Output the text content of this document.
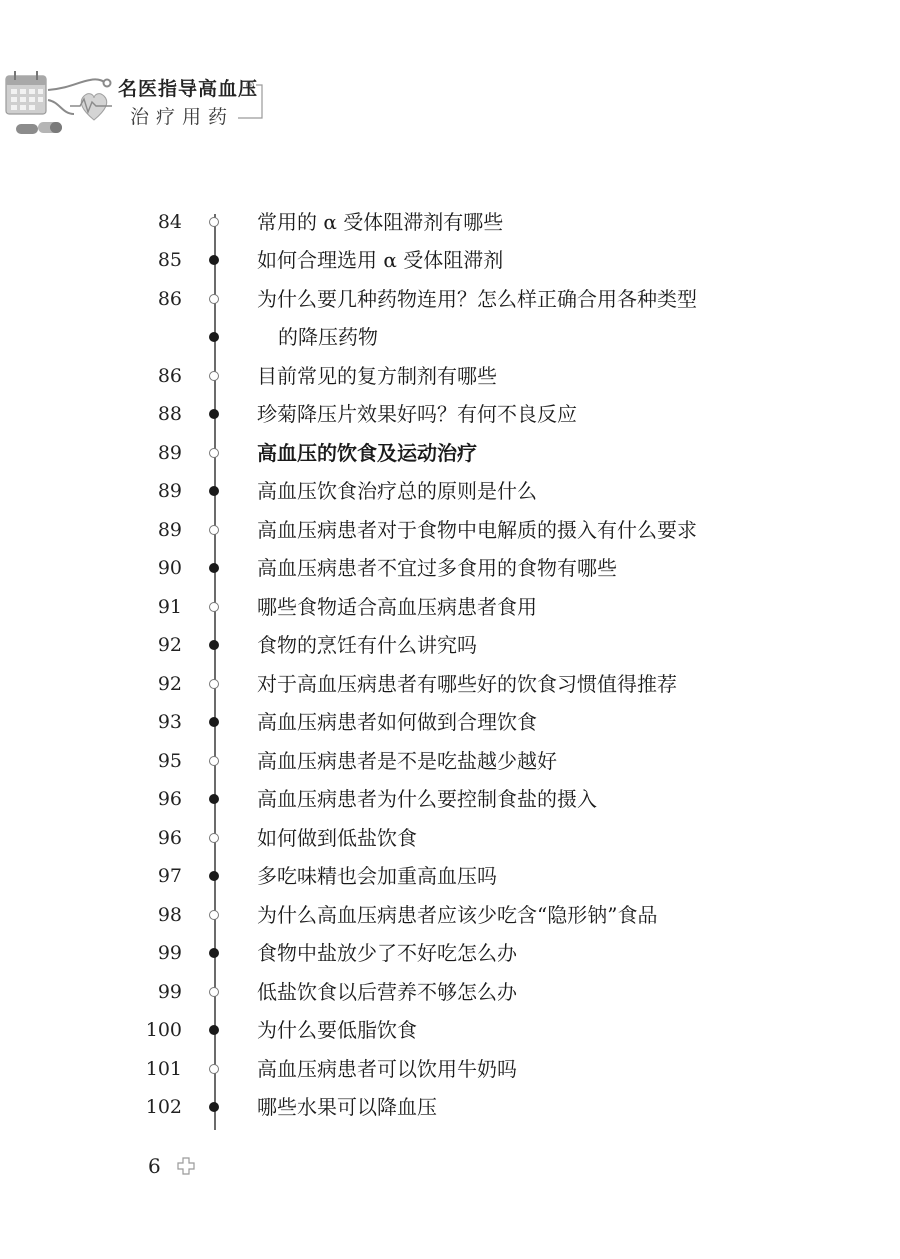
名医指导高血压
治疗用药
84	常用的 α 受体阻滞剂有哪些
85	如何合理选用 α 受体阻滞剂
86	为什么要几种药物连用？怎么样正确合用各种类型
的降压药物
86	目前常见的复方制剂有哪些
88	珍菊降压片效果好吗？有何不良反应
89	高血压的饮食及运动治疗
89	高血压饮食治疗总的原则是什么
89	高血压病患者对于食物中电解质的摄入有什么要求
90	高血压病患者不宜过多食用的食物有哪些
91	哪些食物适合高血压病患者食用
92	食物的烹饪有什么讲究吗
92	对于高血压病患者有哪些好的饮食习惯值得推荐
93	高血压病患者如何做到合理饮食
95	高血压病患者是不是吃盐越少越好
96	高血压病患者为什么要控制食盐的摄入
96	如何做到低盐饮食
97	多吃味精也会加重高血压吗
98	为什么高血压病患者应该少吃含“隐形钠”食品
99	食物中盐放少了不好吃怎么办
99	低盐饮食以后营养不够怎么办
100	为什么要低脂饮食
101	高血压病患者可以饮用牛奶吗
102	哪些水果可以降血压
6
